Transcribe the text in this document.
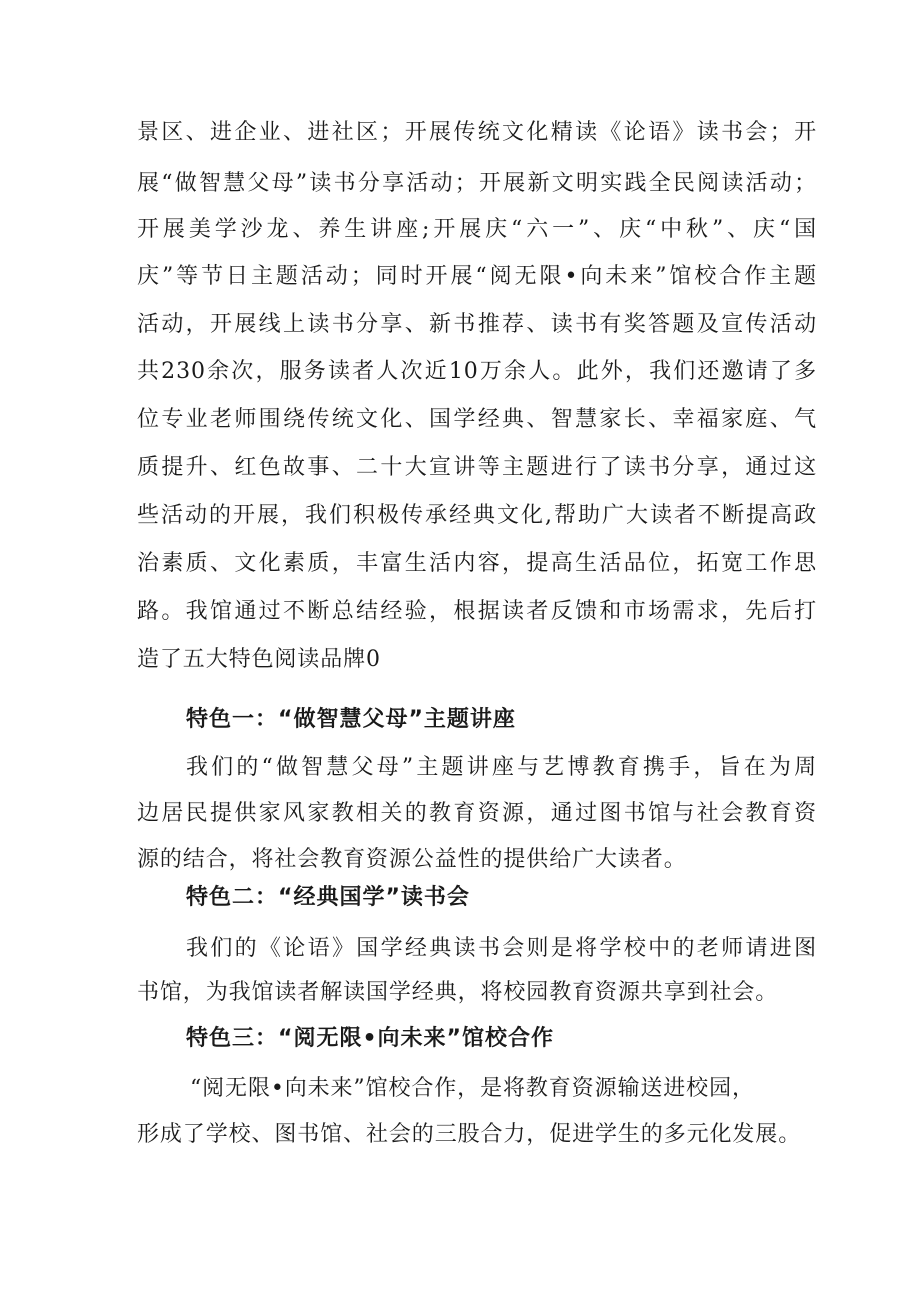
景区、进企业、进社区；开展传统文化精读《论语》读书会；开
展“做智慧父母”读书分享活动；开展新文明实践全民阅读活动；
开展美学沙龙、养生讲座;开展庆“六一”、庆“中秋”、庆“国
庆”等节日主题活动；同时开展“阅无限•向未来”馆校合作主题
活动，开展线上读书分享、新书推荐、读书有奖答题及宣传活动
共230余次，服务读者人次近10万余人。此外，我们还邀请了多
位专业老师围绕传统文化、国学经典、智慧家长、幸福家庭、气
质提升、红色故事、二十大宣讲等主题进行了读书分享，通过这
些活动的开展，我们积极传承经典文化,帮助广大读者不断提高政
治素质、文化素质，丰富生活内容，提高生活品位，拓宽工作思
路。我馆通过不断总结经验，根据读者反馈和市场需求，先后打
造了五大特色阅读品牌0
特色一：“做智慧父母”主题讲座
我们的“做智慧父母”主题讲座与艺博教育携手，旨在为周
边居民提供家风家教相关的教育资源，通过图书馆与社会教育资
源的结合，将社会教育资源公益性的提供给广大读者。
特色二：“经典国学”读书会
我们的《论语》国学经典读书会则是将学校中的老师请进图
书馆，为我馆读者解读国学经典，将校园教育资源共享到社会。
特色三：“阅无限•向未来”馆校合作
“阅无限•向未来”馆校合作，是将教育资源输送进校园，
形成了学校、图书馆、社会的三股合力，促进学生的多元化发展。
